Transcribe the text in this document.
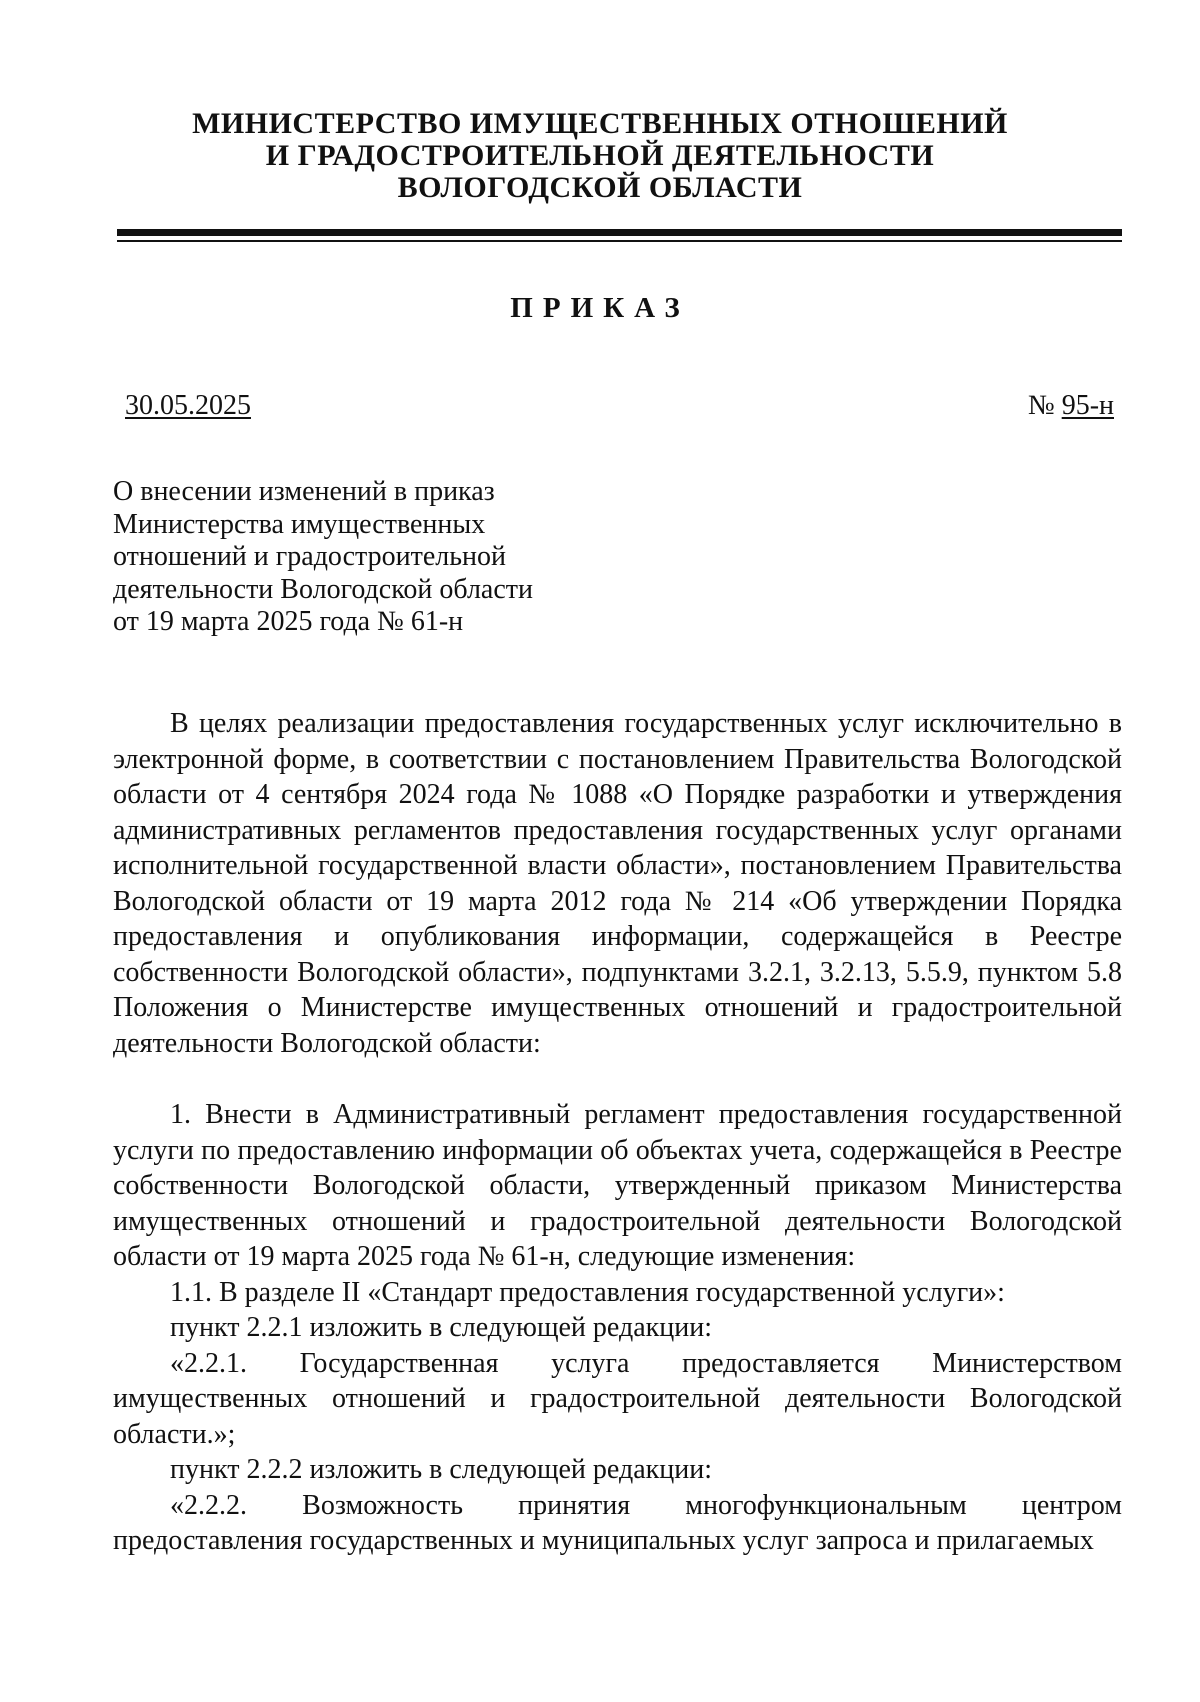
МИНИСТЕРСТВО ИМУЩЕСТВЕННЫХ ОТНОШЕНИЙ
И ГРАДОСТРОИТЕЛЬНОЙ ДЕЯТЕЛЬНОСТИ
ВОЛОГОДСКОЙ ОБЛАСТИ
ПРИКАЗ
30.05.2025	№ 95-н
О внесении изменений в приказ
Министерства имущественных
отношений и градостроительной
деятельности Вологодской области
от 19 марта 2025 года № 61-н

В целях реализации предоставления государственных услуг исключительно в электронной форме, в соответствии с постановлением Правительства Вологодской области от 4 сентября 2024 года № 1088 «О Порядке разработки и утверждения административных регламентов предоставления государственных услуг органами исполнительной государственной власти области», постановлением Правительства Вологодской области от 19 марта 2012 года № 214 «Об утверждении Порядка предоставления и опубликования информации, содержащейся в Реестре собственности Вологодской области», подпунктами 3.2.1, 3.2.13, 5.5.9, пунктом 5.8 Положения о Министерстве имущественных отношений и градостроительной деятельности Вологодской области:

1. Внести в Административный регламент предоставления государственной услуги по предоставлению информации об объектах учета, содержащейся в Реестре собственности Вологодской области, утвержденный приказом Министерства имущественных отношений и градостроительной деятельности Вологодской области от 19 марта 2025 года № 61-н, следующие изменения:

1.1. В разделе II «Стандарт предоставления государственной услуги»:

пункт 2.2.1 изложить в следующей редакции:

«2.2.1. Государственная услуга предоставляется Министерством имущественных отношений и градостроительной деятельности Вологодской области.»;

пункт 2.2.2 изложить в следующей редакции:

«2.2.2. Возможность принятия многофункциональным центром предоставления государственных и муниципальных услуг запроса и прилагаемых
